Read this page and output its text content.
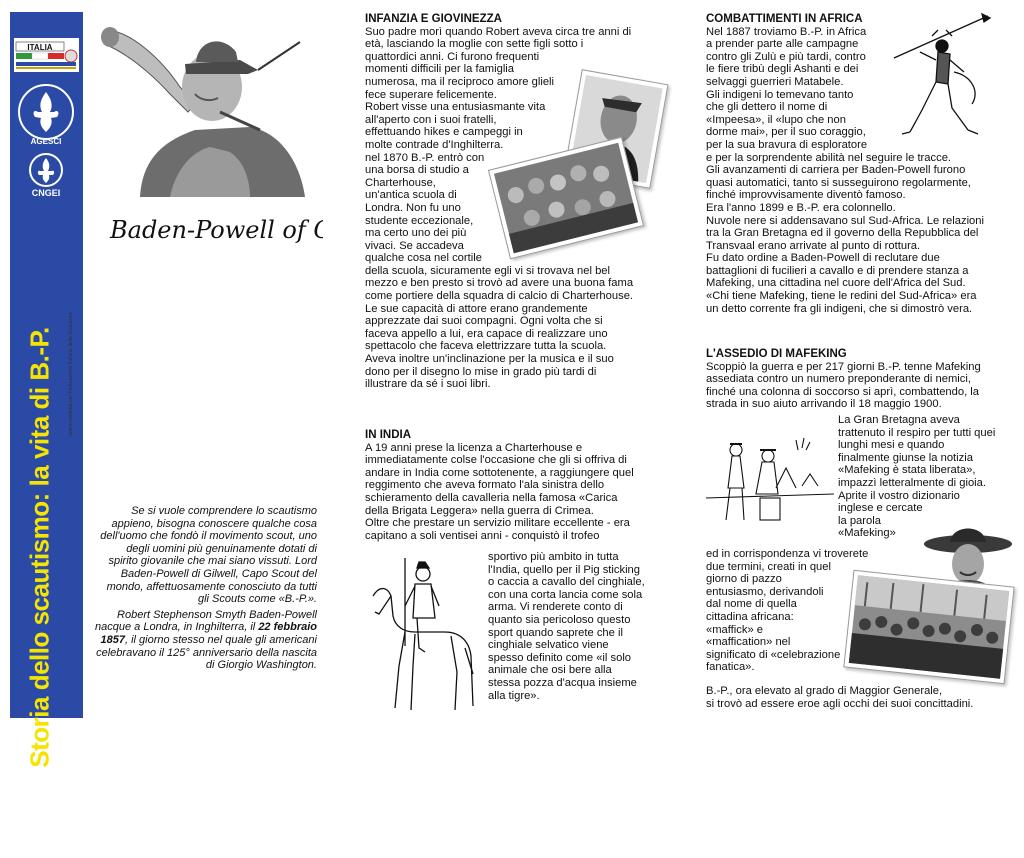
ITALIA
AGESCI
CNGEI
Storia dello scautismo: la vita di B.-P.	opera prodotta per Federazione Italiana dello Scautismo
Baden-Powell of
Se si vuole comprendere lo scautismo appieno, bisogna conoscere qualche cosa dell'uomo che fondò il movimento scout, uno degli uomini più genuinamente dotati di spirito giovanile che mai siano vissuti. Lord Baden-Powell di Gilwell, Capo Scout del mondo, affettuosamente conosciuto da tutti gli Scouts come «B.-P.».
Robert Stephenson Smyth Baden-Powell nacque a Londra, in Inghilterra, il 22 febbraio 1857, il giorno stesso nel quale gli americani celebravano il 125° anniversario della nascita di Giorgio Washington.
INFANZIA E GIOVINEZZA
Suo padre morì quando Robert aveva circa tre anni di
età, lasciando la moglie con sette figli sotto i
quattordici anni. Ci furono frequenti
momenti difficili per la famiglia
numerosa, ma il reciproco amore glieli
fece superare felicemente.
Robert visse una entusiasmante vita
all'aperto con i suoi fratelli,
effettuando hikes e campeggi in
molte contrade d'Inghilterra.
nel 1870 B.-P. entrò con
una borsa di studio a
Charterhouse,
un'antica scuola di
Londra. Non fu uno
studente eccezionale,
ma certo uno dei più
vivaci. Se accadeva
qualche cosa nel cortile
della scuola, sicuramente egli vi si trovava nel bel
mezzo e ben presto si trovò ad avere una buona fama
come portiere della squadra di calcio di Charterhouse.
Le sue capacità di attore erano grandemente
apprezzate dai suoi compagni. Ogni volta che si
faceva appello a lui, era capace di realizzare uno
spettacolo che faceva elettrizzare tutta la scuola.
Aveva inoltre un'inclinazione per la musica e il suo
dono per il disegno lo mise in grado più tardi di
illustrare da sé i suoi libri.
IN INDIA
A 19 anni prese la licenza a Charterhouse e
immediatamente colse l'occasione che gli si offriva di
andare in India come sottotenente, a raggiungere quel
reggimento che aveva formato l'ala sinistra dello
schieramento della cavalleria nella famosa «Carica
della Brigata Leggera» nella guerra di Crimea.
Oltre che prestare un servizio militare eccellente - era
capitano a soli ventisei anni - conquistò il trofeo
sportivo più ambito in tutta
l'India, quello per il Pig sticking
o caccia a cavallo del cinghiale,
con una corta lancia come sola
arma. Vi renderete conto di
quanto sia pericoloso questo
sport quando saprete che il
cinghiale selvatico viene
spesso definito come «il solo
animale che osi bere alla
stessa pozza d'acqua insieme
alla tigre».
COMBATTIMENTI IN AFRICA
Nel 1887 troviamo B.-P. in Africa
a prender parte alle campagne
contro gli Zulù e più tardi, contro
le fiere tribù degli Ashanti e dei
selvaggi guerrieri Matabele.
Gli indigeni lo temevano tanto
che gli dettero il nome di
«Impeesa», il «lupo che non
dorme mai», per il suo coraggio,
per la sua bravura di esploratore
e per la sorprendente abilità nel seguire le tracce.
Gli avanzamenti di carriera per Baden-Powell furono
quasi automatici, tanto si susseguirono regolarmente,
finché improvvisamente diventò famoso.
Era l'anno 1899 e B.-P. era colonnello.
Nuvole nere si addensavano sul Sud-Africa. Le relazioni
tra la Gran Bretagna ed il governo della Repubblica del
Transvaal erano arrivate al punto di rottura.
Fu dato ordine a Baden-Powell di reclutare due
battaglioni di fucilieri a cavallo e di prendere stanza a
Mafeking, una cittadina nel cuore dell'Africa del Sud.
«Chi tiene Mafeking, tiene le redini del Sud-Africa» era
un detto corrente fra gli indigeni, che si dimostrò vera.
L'ASSEDIO DI MAFEKING
Scoppiò la guerra e per 217 giorni B.-P. tenne Mafeking
assediata contro un numero preponderante di nemici,
finché una colonna di soccorso si aprì, combattendo, la
strada in suo aiuto arrivando il 18 maggio 1900.
La Gran Bretagna aveva
trattenuto il respiro per tutti quei
lunghi mesi e quando
finalmente giunse la notizia
«Mafeking è stata liberata»,
impazzì letteralmente di gioia.
Aprite il vostro dizionario
inglese e cercate
la parola
«Mafeking»
ed in corrispondenza vi troverete
due termini, creati in quel
giorno di pazzo
entusiasmo, derivandoli
dal nome di quella
cittadina africana:
«maffick» e
«maffication» nel
significato di «celebrazione
fanatica».
B.-P., ora elevato al grado di Maggior Generale,
si trovò ad essere eroe agli occhi dei suoi concittadini.
